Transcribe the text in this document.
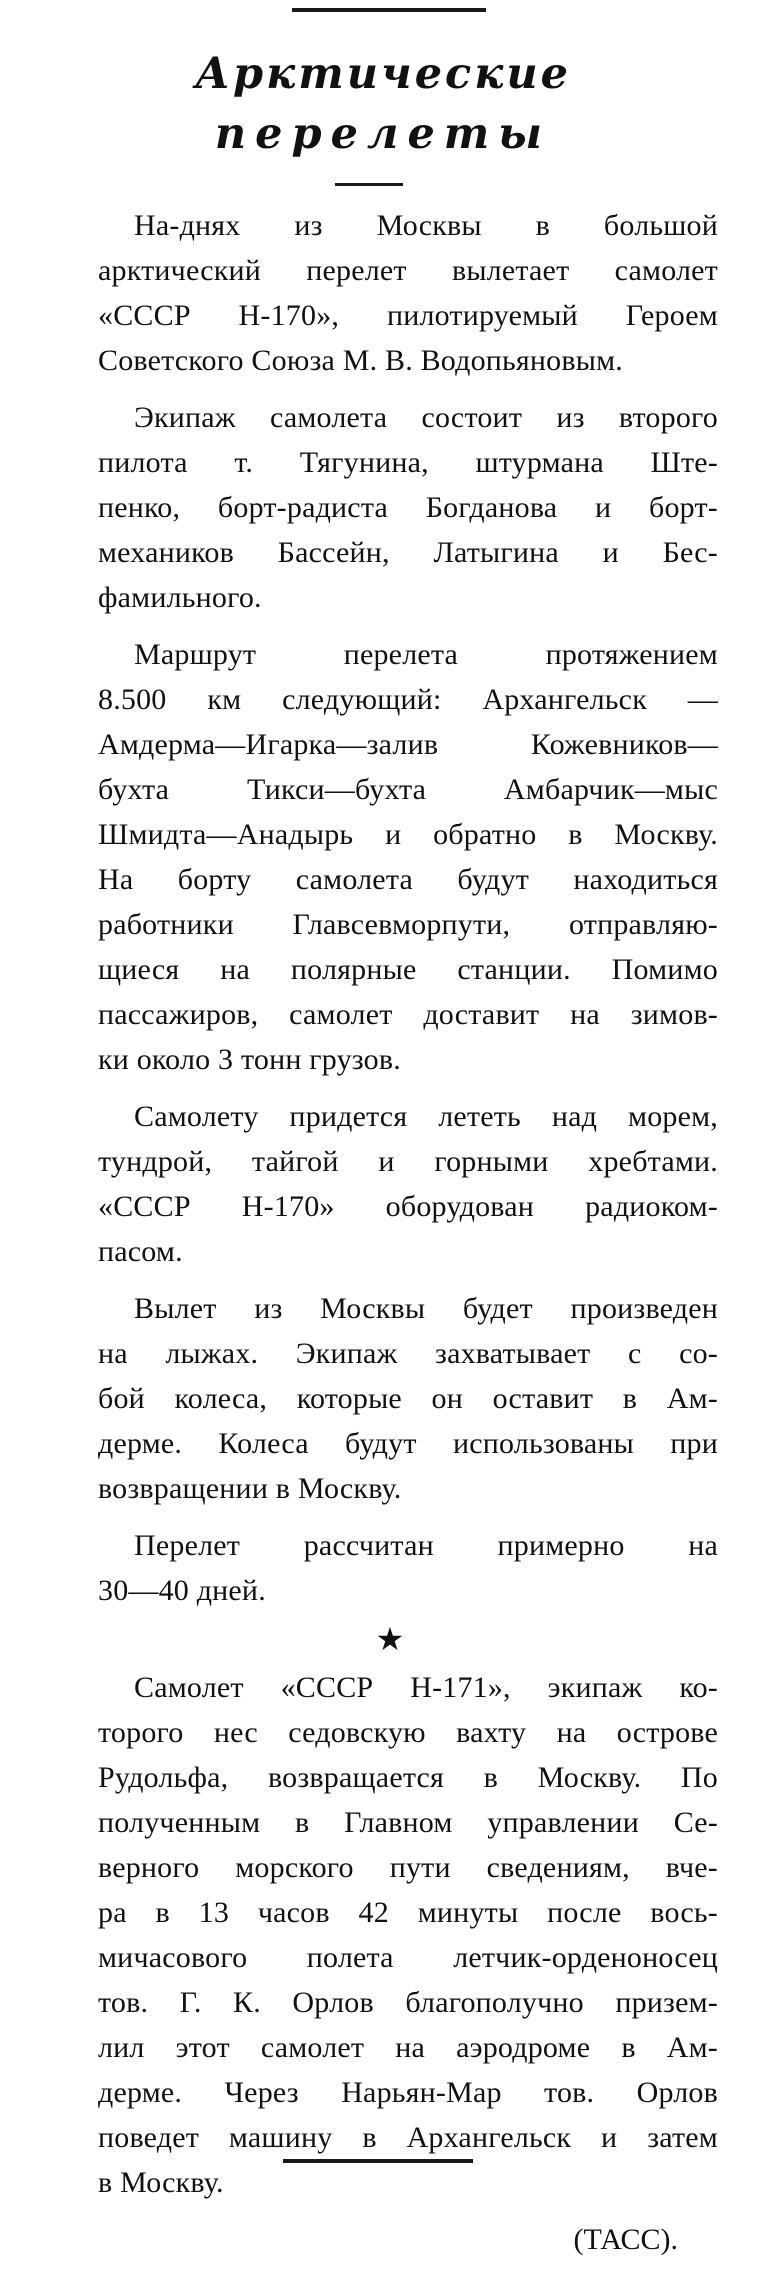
Арктические
перелеты
На-днях из Москвы в большой
арктический перелет вылетает самолет
«СССР Н-170», пилотируемый Героем
Советского Союза М. В. Водопьяновым.
Экипаж самолета состоит из второго
пилота т. Тягунина, штурмана Ште-
пенко, борт-радиста Богданова и борт-
механиков Бассейн, Латыгина и Бес-
фамильного.
Маршрут перелета протяжением
8.500 км следующий: Архангельск —
Амдерма—Игарка—залив Кожевников—
бухта Тикси—бухта Амбарчик—мыс
Шмидта—Анадырь и обратно в Москву.
На борту самолета будут находиться
работники Главсевморпути, отправляю-
щиеся на полярные станции. Помимо
пассажиров, самолет доставит на зимов-
ки около 3 тонн грузов.
Самолету придется лететь над морем,
тундрой, тайгой и горными хребтами.
«СССР Н-170» оборудован радиоком-
пасом.
Вылет из Москвы будет произведен
на лыжах. Экипаж захватывает с со-
бой колеса, которые он оставит в Ам-
дерме. Колеса будут использованы при
возвращении в Москву.
Перелет рассчитан примерно на
30—40 дней.
★
Самолет «СССР Н-171», экипаж ко-
торого нес седовскую вахту на острове
Рудольфа, возвращается в Москву. По
полученным в Главном управлении Се-
верного морского пути сведениям, вче-
ра в 13 часов 42 минуты после вось-
мичасового полета летчик-орденоносец
тов. Г. К. Орлов благополучно призем-
лил этот самолет на аэродроме в Ам-
дерме. Через Нарьян-Мар тов. Орлов
поведет машину в Архангельск и затем
в Москву.
(ТАСС).
